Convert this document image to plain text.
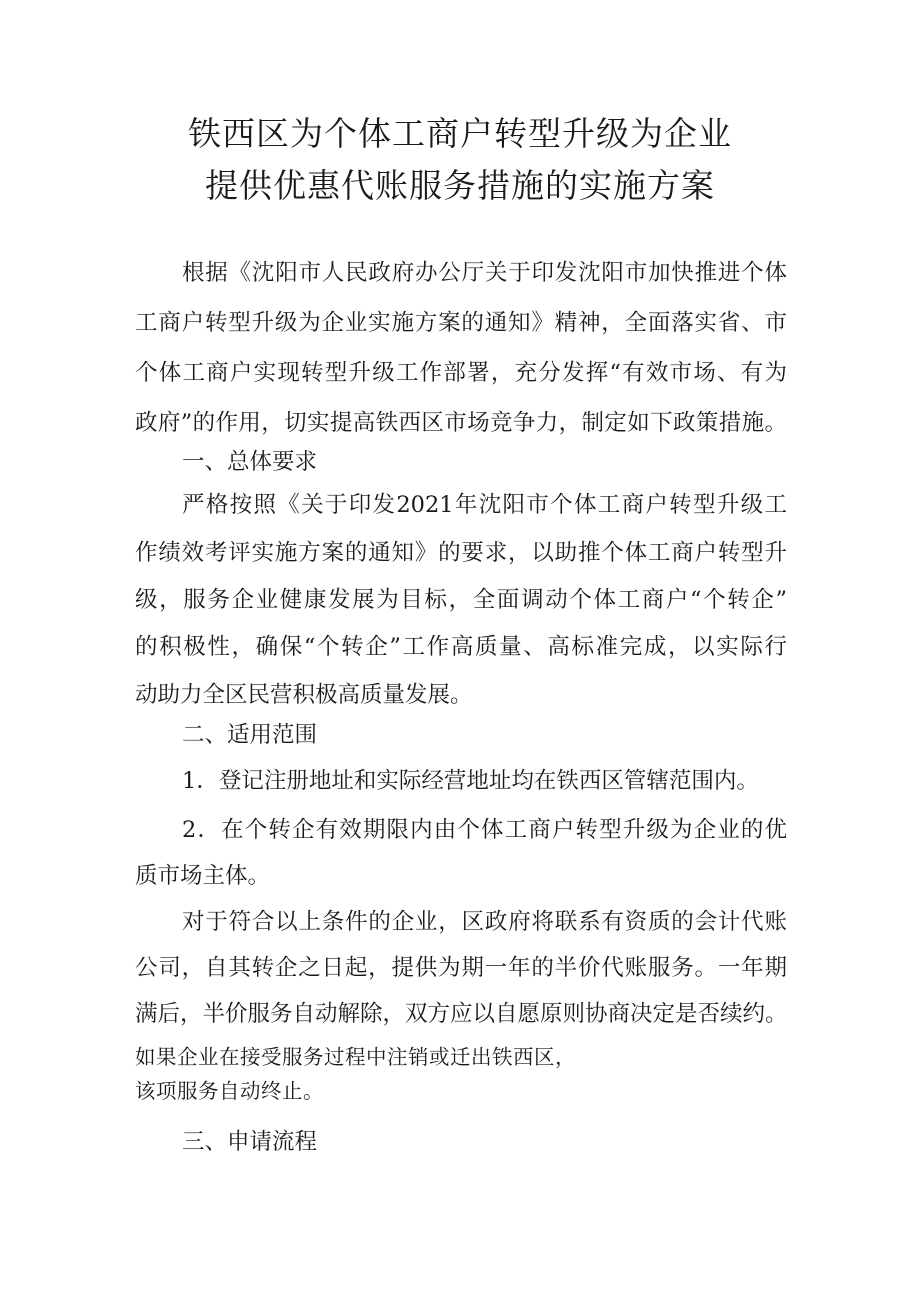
铁西区为个体工商户转型升级为企业
提供优惠代账服务措施的实施方案
根据《沈阳市人民政府办公厅关于印发沈阳市加快推进个体
工商户转型升级为企业实施方案的通知》精神，全面落实省、市
个体工商户实现转型升级工作部署，充分发挥“有效市场、有为
政府”的作用，切实提高铁西区市场竞争力，制定如下政策措施。
一、总体要求
严格按照《关于印发2021年沈阳市个体工商户转型升级工
作绩效考评实施方案的通知》的要求，以助推个体工商户转型升
级，服务企业健康发展为目标，全面调动个体工商户“个转企”
的积极性，确保“个转企”工作高质量、高标准完成，以实际行
动助力全区民营积极高质量发展。
二、适用范围
1．登记注册地址和实际经营地址均在铁西区管辖范围内。
2．在个转企有效期限内由个体工商户转型升级为企业的优
质市场主体。
对于符合以上条件的企业，区政府将联系有资质的会计代账
公司，自其转企之日起，提供为期一年的半价代账服务。一年期
满后，半价服务自动解除，双方应以自愿原则协商决定是否续约。
如果企业在接受服务过程中注销或迁出铁西区，
该项服务自动终止。
三、申请流程
